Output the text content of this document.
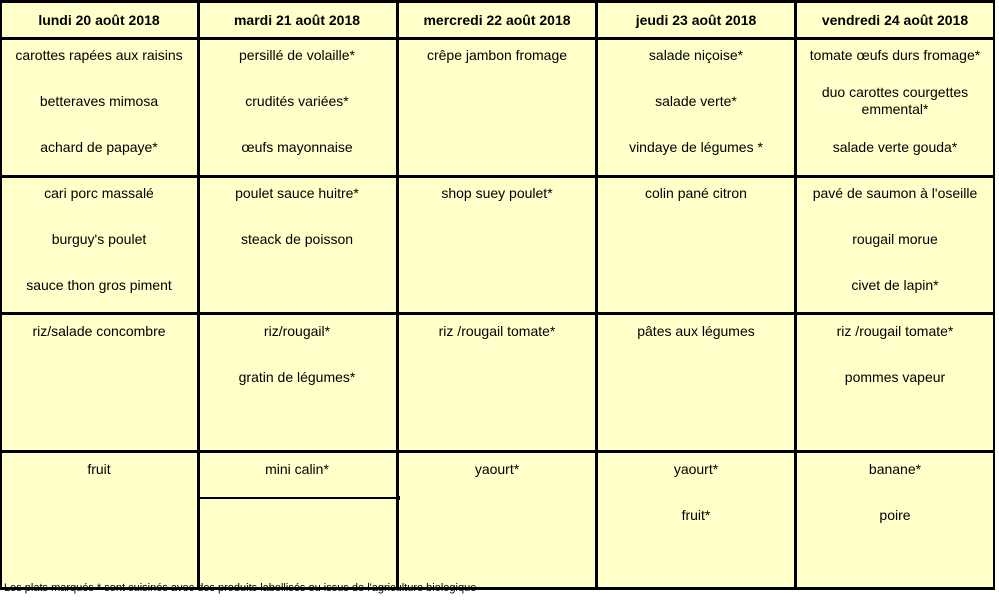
lundi 20 août 2018
carottes rapées aux raisins
betteraves mimosa
achard de papaye*
cari porc massalé
burguy's poulet
sauce thon gros piment
riz/salade concombre
fruit
mardi 21 août 2018
persillé de volaille*
crudités variées*
œufs mayonnaise
poulet sauce huitre*
steack de poisson
riz/rougail*
gratin de légumes*
mini calin*
mercredi 22 août 2018
crêpe jambon fromage
shop suey poulet*
riz /rougail tomate*
yaourt*
jeudi 23 août 2018
salade niçoise*
salade verte*
vindaye de légumes *
colin pané citron
pâtes aux légumes
yaourt*
fruit*
vendredi 24 août 2018
tomate œufs durs fromage*
duo carottes courgettes emmental*
salade verte gouda*
pavé de saumon à l'oseille
rougail morue
civet de lapin*
riz /rougail tomate*
pommes vapeur
banane*
poire
Les plats marqués * sont cuisinés avec des produits labellisés ou issus de l'agriculture biologique
